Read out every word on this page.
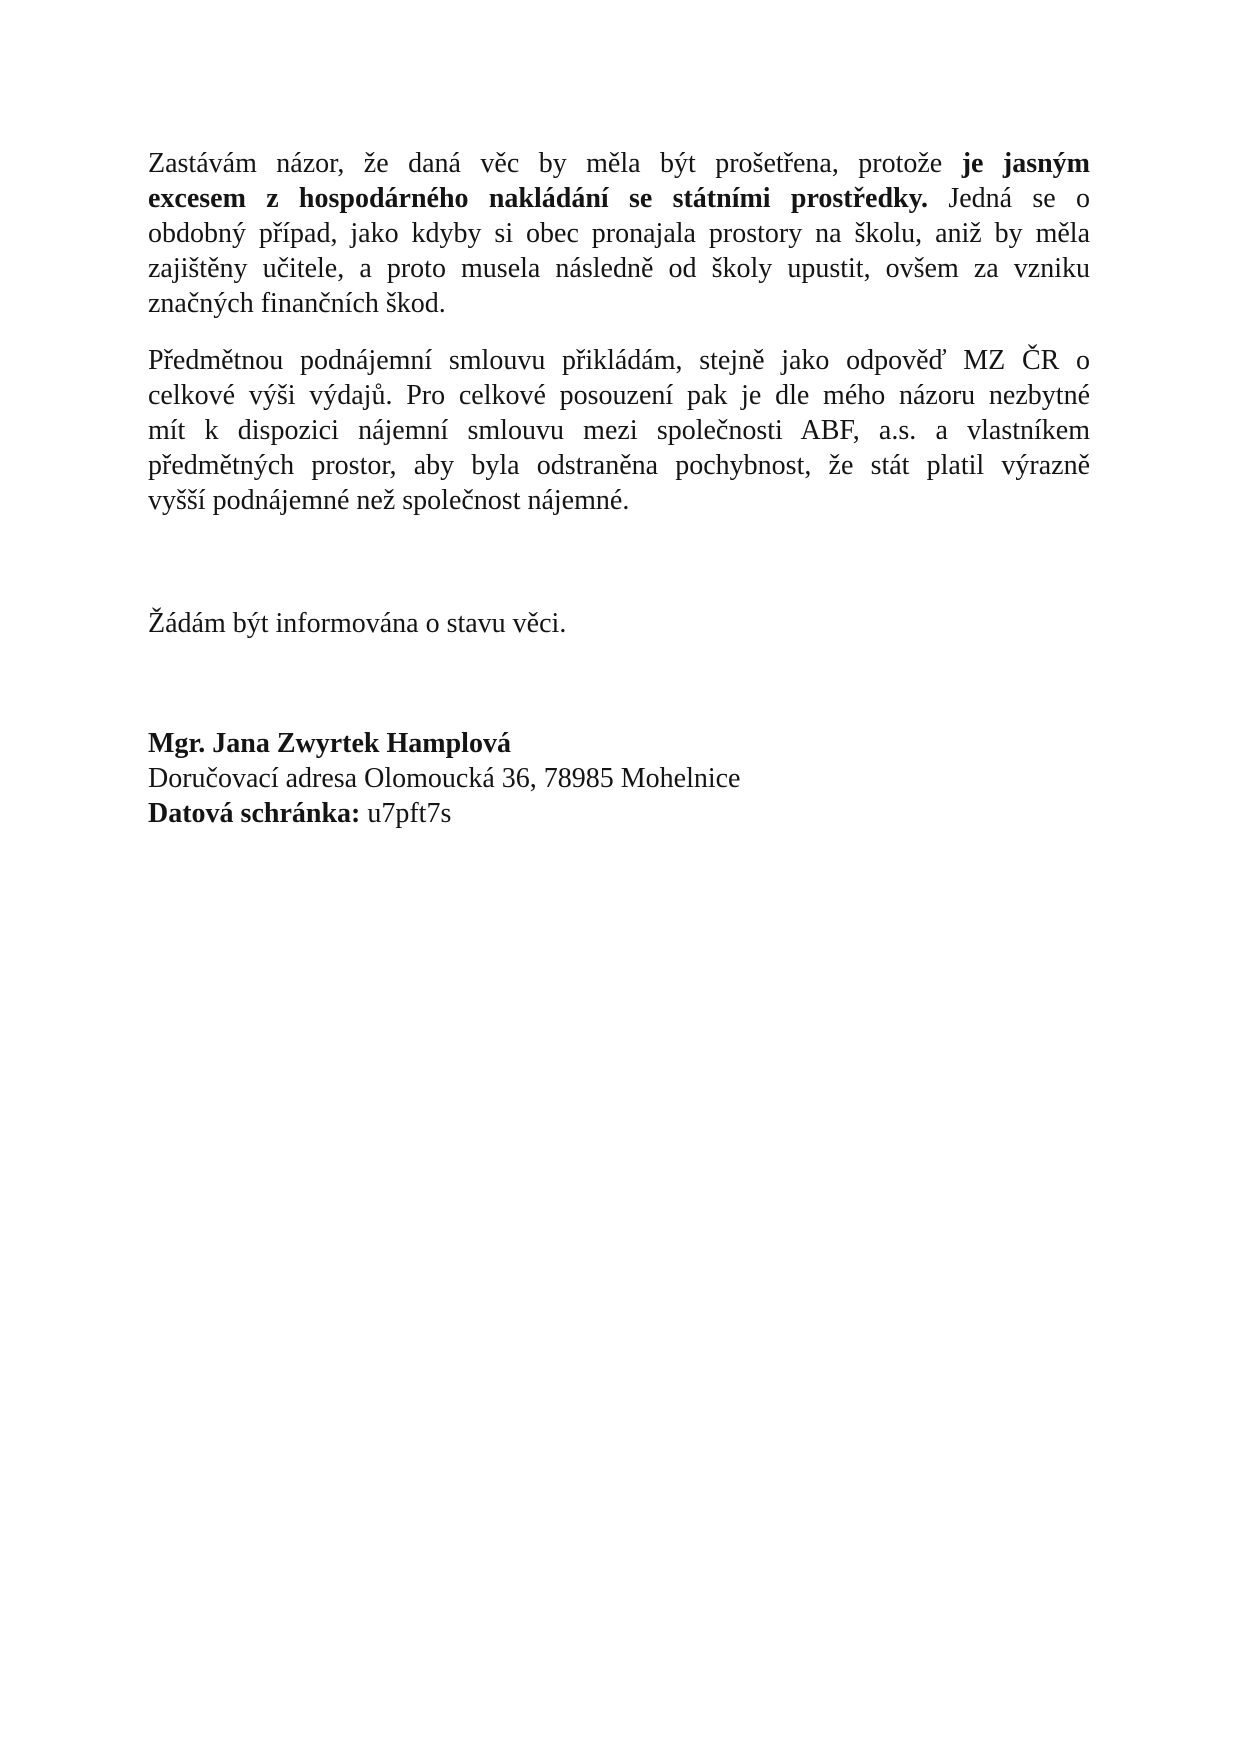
Zastávám názor, že daná věc by měla být prošetřena, protože je jasným
excesem z hospodárného nakládání se státními prostředky. Jedná se o
obdobný případ, jako kdyby si obec pronajala prostory na školu, aniž by měla
zajištěny učitele, a proto musela následně od školy upustit, ovšem za vzniku
značných finančních škod.
Předmětnou podnájemní smlouvu přikládám, stejně jako odpověď MZ ČR o
celkové výši výdajů. Pro celkové posouzení pak je dle mého názoru nezbytné
mít k dispozici nájemní smlouvu mezi společnosti ABF, a.s. a vlastníkem
předmětných prostor, aby byla odstraněna pochybnost, že stát platil výrazně
vyšší podnájemné než společnost nájemné.

Žádám být informována o stavu věci.

Mgr. Jana Zwyrtek Hamplová
Doručovací adresa Olomoucká 36, 78985 Mohelnice
Datová schránka: u7pft7s
